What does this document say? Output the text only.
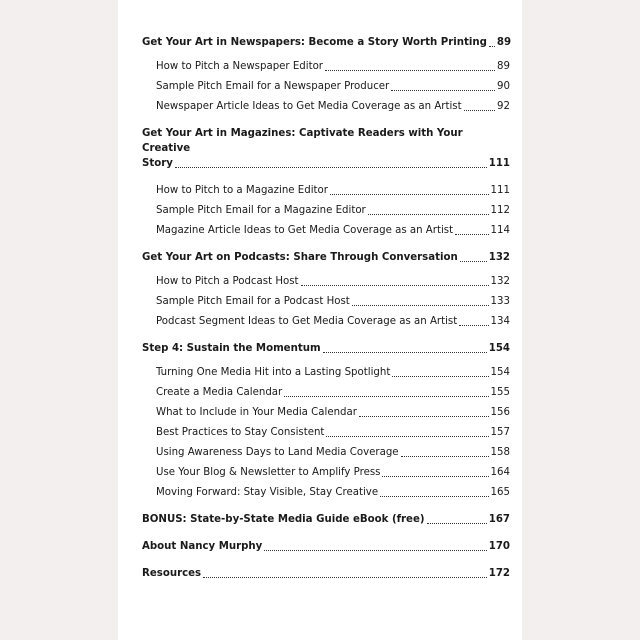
Get Your Art in Newspapers: Become a Story Worth Printing 89
How to Pitch a Newspaper Editor	89
Sample Pitch Email for a Newspaper Producer	90
Newspaper Article Ideas to Get Media Coverage as an Artist	92
Get Your Art in Magazines: Captivate Readers with Your Creative
Story	111
How to Pitch to a Magazine Editor	111
Sample Pitch Email for a Magazine Editor	112
Magazine Article Ideas to Get Media Coverage as an Artist	114
Get Your Art on Podcasts: Share Through Conversation	132
How to Pitch a Podcast Host	132
Sample Pitch Email for a Podcast Host	133
Podcast Segment Ideas to Get Media Coverage as an Artist	134
Step 4: Sustain the Momentum	154
Turning One Media Hit into a Lasting Spotlight	154
Create a Media Calendar	155
What to Include in Your Media Calendar	156
Best Practices to Stay Consistent	157
Using Awareness Days to Land Media Coverage	158
Use Your Blog & Newsletter to Amplify Press	164
Moving Forward: Stay Visible, Stay Creative	165
BONUS: State-by-State Media Guide eBook (free)	167
About Nancy Murphy	170
Resources	172
